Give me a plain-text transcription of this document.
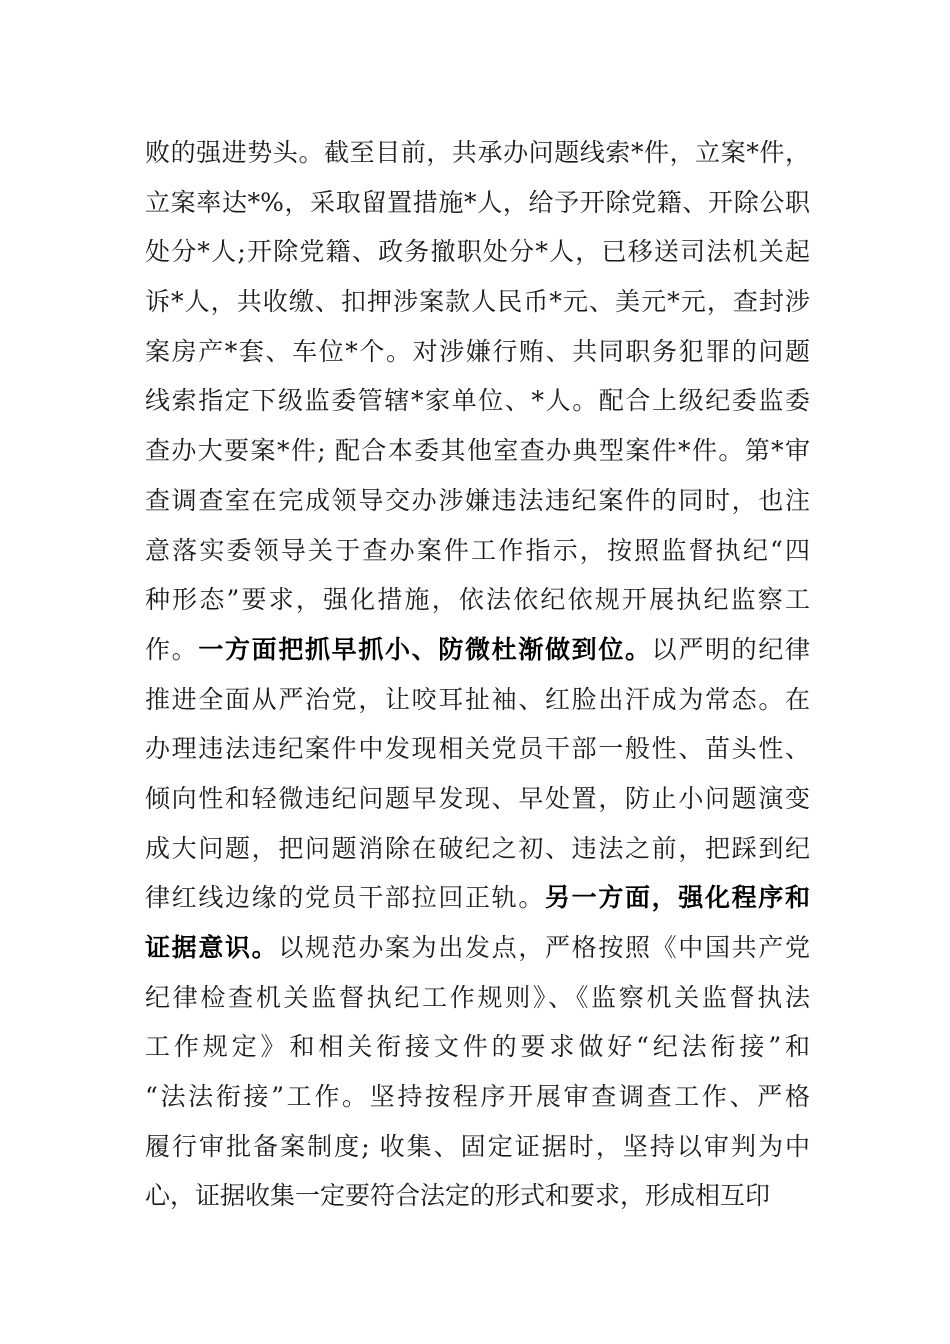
败的强进势头。截至目前，共承办问题线索*件，立案*件，
立案率达*%，采取留置措施*人，给予开除党籍、开除公职
处分*人;开除党籍、政务撤职处分*人，已移送司法机关起
诉*人，共收缴、扣押涉案款人民币*元、美元*元，查封涉
案房产*套、车位*个。对涉嫌行贿、共同职务犯罪的问题
线索指定下级监委管辖*家单位、*人。配合上级纪委监委
查办大要案*件; 配合本委其他室查办典型案件*件。第*审
查调查室在完成领导交办涉嫌违法违纪案件的同时，也注
意落实委领导关于查办案件工作指示，按照监督执纪“四
种形态”要求，强化措施，依法依纪依规开展执纪监察工
作。一方面把抓早抓小、防微杜渐做到位。以严明的纪律
推进全面从严治党，让咬耳扯袖、红脸出汗成为常态。在
办理违法违纪案件中发现相关党员干部一般性、苗头性、
倾向性和轻微违纪问题早发现、早处置，防止小问题演变
成大问题，把问题消除在破纪之初、违法之前，把踩到纪
律红线边缘的党员干部拉回正轨。另一方面，强化程序和
证据意识。以规范办案为出发点，严格按照《中国共产党
纪律检查机关监督执纪工作规则》、《监察机关监督执法
工作规定》和相关衔接文件的要求做好“纪法衔接”和
“法法衔接”工作。坚持按程序开展审查调查工作、严格
履行审批备案制度; 收集、固定证据时，坚持以审判为中
心，证据收集一定要符合法定的形式和要求，形成相互印
